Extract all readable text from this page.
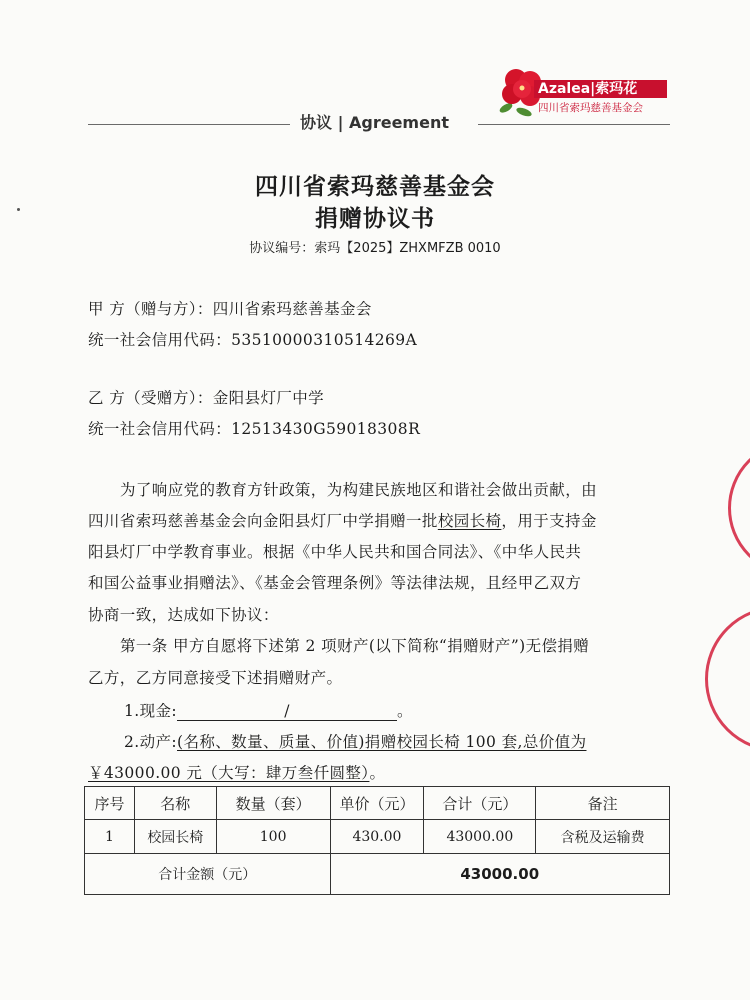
Azalea|索玛花
四川省索玛慈善基金会
协议 | Agreement
四川省索玛慈善基金会
捐赠协议书
协议编号：索玛【2025】ZHXMFZB 0010
甲 方（赠与方）：四川省索玛慈善基金会
统一社会信用代码：53510000310514269A
乙 方（受赠方）：金阳县灯厂中学
统一社会信用代码：12513430G59018308R
为了响应党的教育方针政策，为构建民族地区和谐社会做出贡献，由
四川省索玛慈善基金会向金阳县灯厂中学捐赠一批校园长椅，用于支持金
阳县灯厂中学教育事业。根据《中华人民共和国合同法》、《中华人民共
和国公益事业捐赠法》、《基金会管理条例》等法律法规，且经甲乙双方
协商一致，达成如下协议：
第一条 甲方自愿将下述第 2 项财产(以下简称“捐赠财产”)无偿捐赠
乙方，乙方同意接受下述捐赠财产。
1.现金:	/	。
2.动产:(名称、数量、质量、价值)捐赠校园长椅 100 套,总价值为
￥43000.00 元（大写：肆万叁仟圆整）。
序号	名称	数量（套）	单价（元）	合计（元）	备注
1	校园长椅	100	430.00	43000.00	含税及运输费
合计金额（元）			43000.00		
